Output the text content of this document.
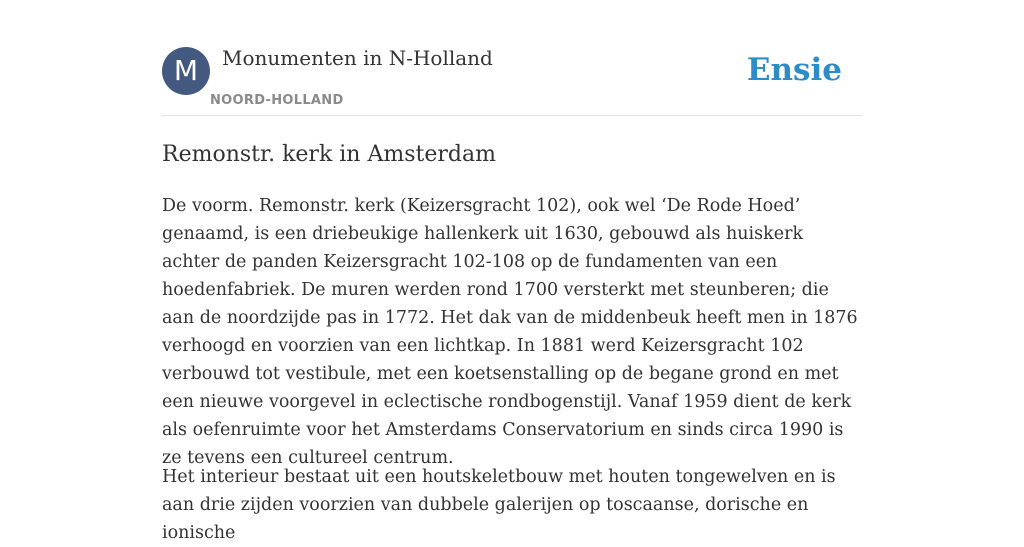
M	Monumenten in N-Holland
NOORD-HOLLAND
Ensie
Remonstr. kerk in Amsterdam

De voorm. Remonstr. kerk (Keizersgracht 102), ook wel ‘De Rode Hoed’ genaamd, is een driebeukige hallenkerk uit 1630, gebouwd als huiskerk achter de panden Keizersgracht 102-108 op de fundamenten van een hoedenfabriek. De muren werden rond 1700 versterkt met steunberen; die aan de noordzijde pas in 1772. Het dak van de middenbeuk heeft men in 1876 verhoogd en voorzien van een lichtkap. In 1881 werd Keizersgracht 102 verbouwd tot vestibule, met een koetsenstalling op de begane grond en met een nieuwe voorgevel in eclectische rondbogenstijl. Vanaf 1959 dient de kerk als oefenruimte voor het Amsterdams Conservatorium en sinds circa 1990 is ze tevens een cultureel centrum.

Het interieur bestaat uit een houtskeletbouw met houten tongewelven en is aan drie zijden voorzien van dubbele galerijen op toscaanse, dorische en ionische
